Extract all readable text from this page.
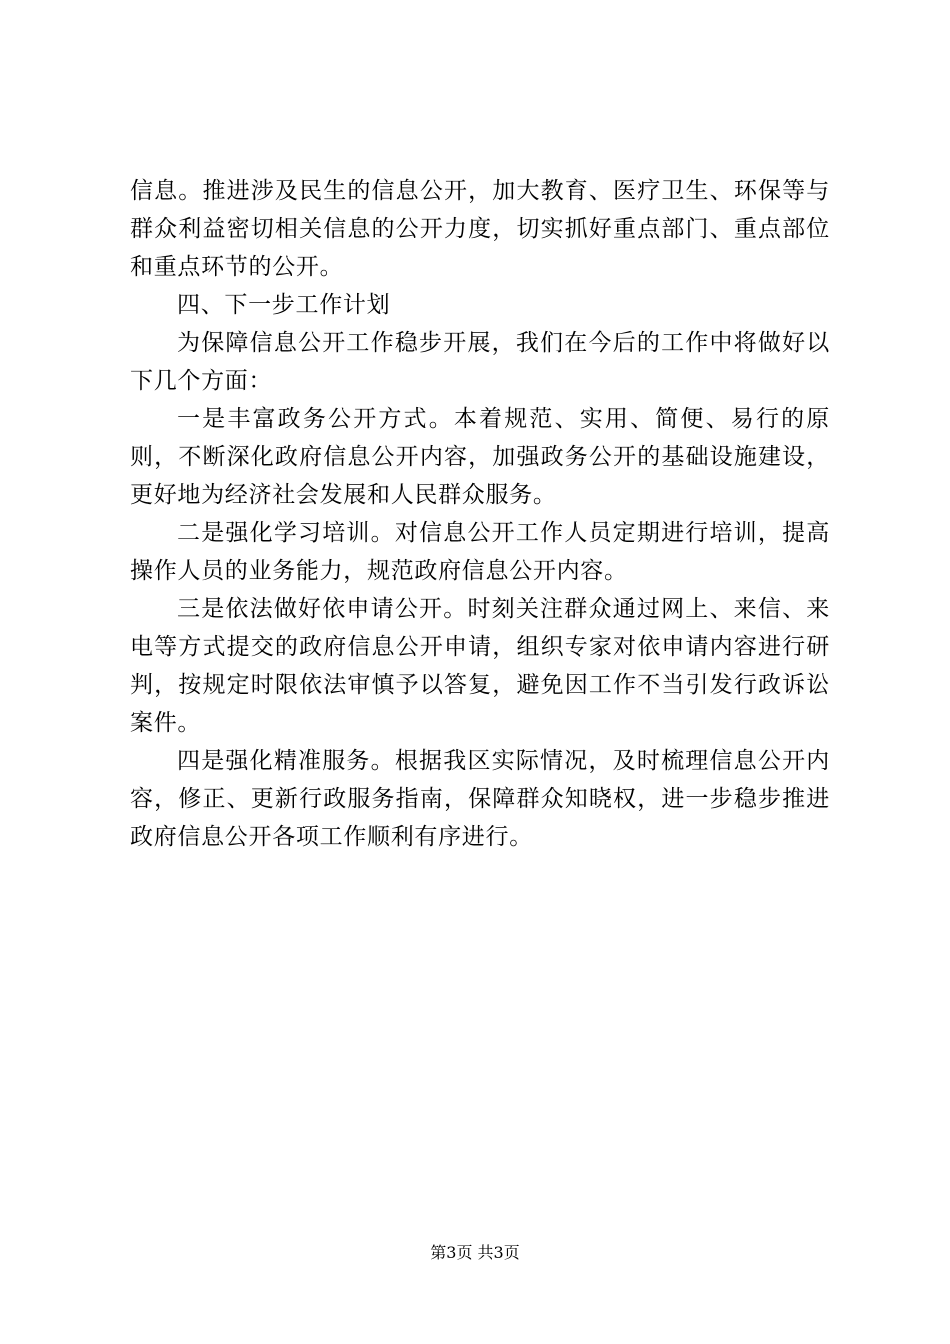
信息。推进涉及民生的信息公开，加大教育、医疗卫生、环保等与群众利益密切相关信息的公开力度，切实抓好重点部门、重点部位和重点环节的公开。

四、下一步工作计划

为保障信息公开工作稳步开展，我们在今后的工作中将做好以下几个方面：

一是丰富政务公开方式。本着规范、实用、简便、易行的原则，不断深化政府信息公开内容，加强政务公开的基础设施建设，更好地为经济社会发展和人民群众服务。

二是强化学习培训。对信息公开工作人员定期进行培训，提高操作人员的业务能力，规范政府信息公开内容。

三是依法做好依申请公开。时刻关注群众通过网上、来信、来电等方式提交的政府信息公开申请，组织专家对依申请内容进行研判，按规定时限依法审慎予以答复，避免因工作不当引发行政诉讼案件。

四是强化精准服务。根据我区实际情况，及时梳理信息公开内容，修正、更新行政服务指南，保障群众知晓权，进一步稳步推进政府信息公开各项工作顺利有序进行。

第3页 共3页
